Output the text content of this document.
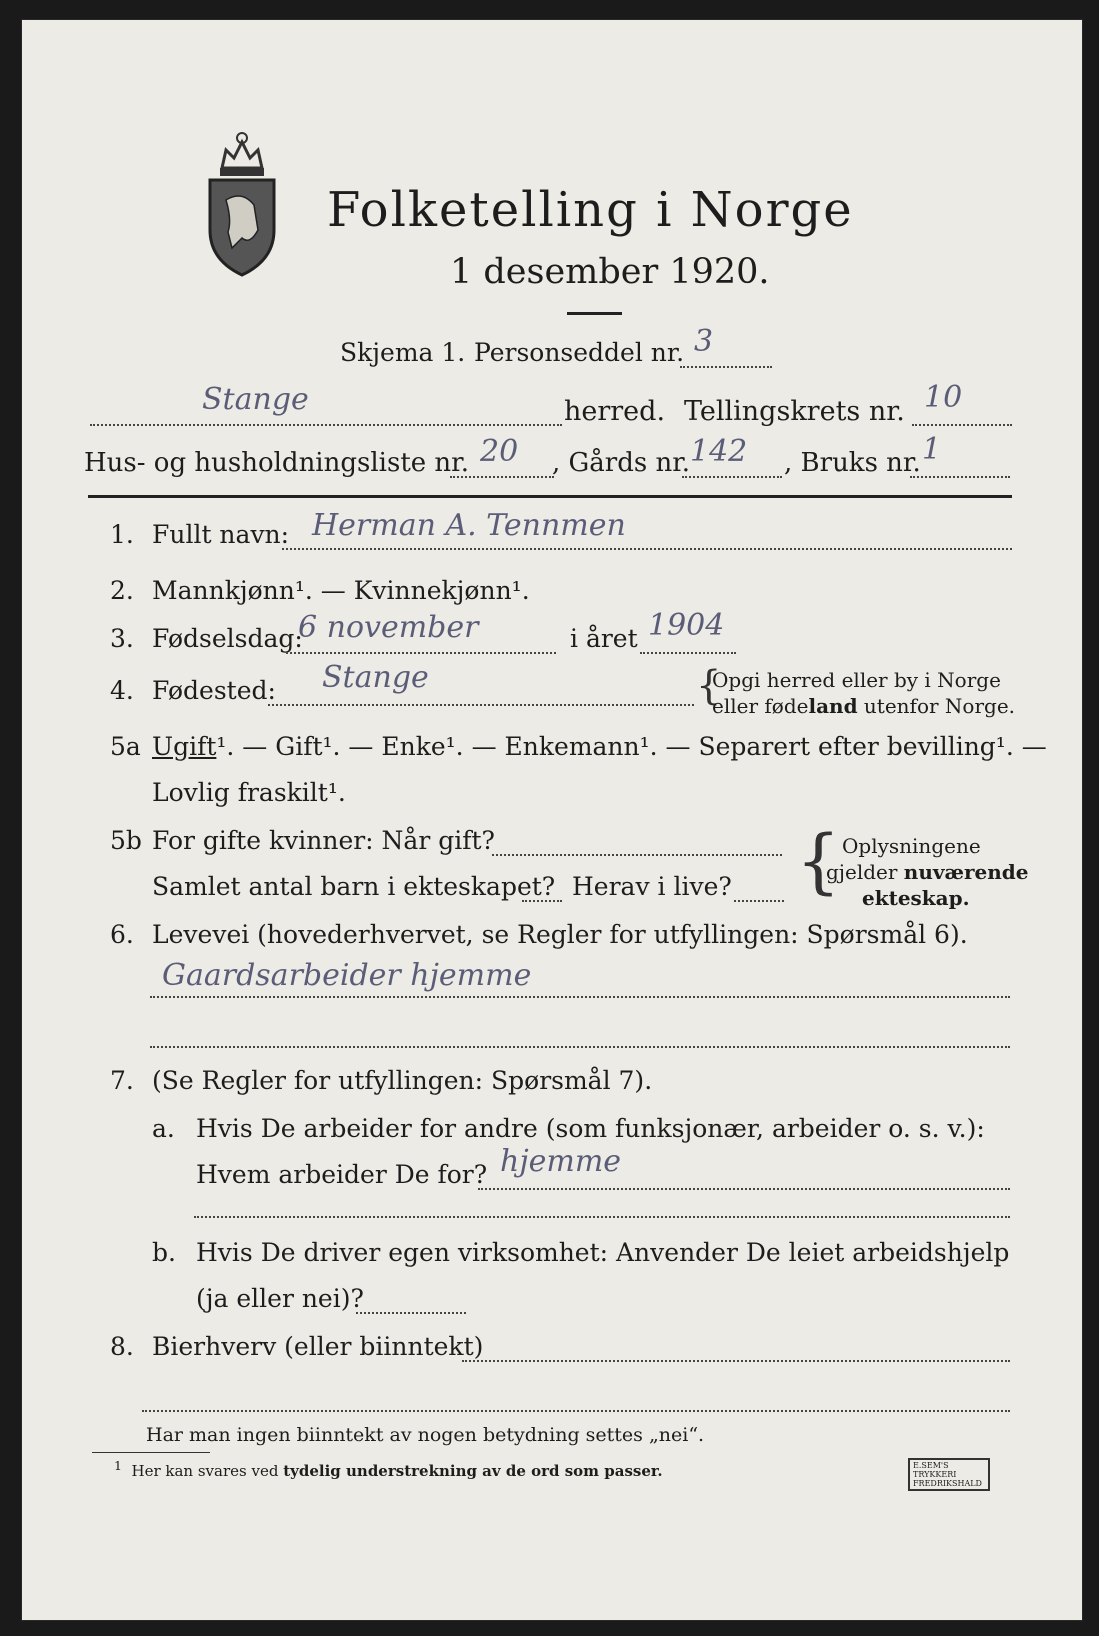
Folketelling i Norge
1 desember 1920.
Skjema 1. Personseddel nr. 3
Stange	herred. Tellingskrets nr. 10
Hus- og husholdningsliste nr. 20 , Gårds nr. 142 , Bruks nr. 1
1. Fullt navn: Herman A. Tennmen
2. Mannkjønn¹. — Kvinnekjønn¹.
3. Fødselsdag:
6 november	i året 1904
4. Fødested: Stange	{
Opgi herred eller by i Norge
eller fødeland utenfor Norge.
5a Ugift¹. — Gift¹. — Enke¹. — Enkemann¹. — Separert efter bevilling¹. —
Lovlig fraskilt¹.
5b For gifte kvinner: Når gift?
Samlet antal barn i ekteskapet? Herav i live? { Oplysningene
gjelder nuværende
ekteskap.
6. Levevei (hovederhvervet, se Regler for utfyllingen: Spørsmål 6).
Gaardsarbeider hjemme
7. (Se Regler for utfyllingen: Spørsmål 7).
a. Hvis De arbeider for andre (som funksjonær, arbeider o. s. v.):
Hvem arbeider De for? hjemme
b. Hvis De driver egen virksomhet: Anvender De leiet arbeidshjelp
(ja eller nei)?
8. Bierhverv (eller biinntekt)
Har man ingen biinntekt av nogen betydning settes „nei“.
$^1$ Her kan svares ved tydelig understrekning av de ord som passer.	E.SEM'S TRYKKERI FREDRIKSHALD
